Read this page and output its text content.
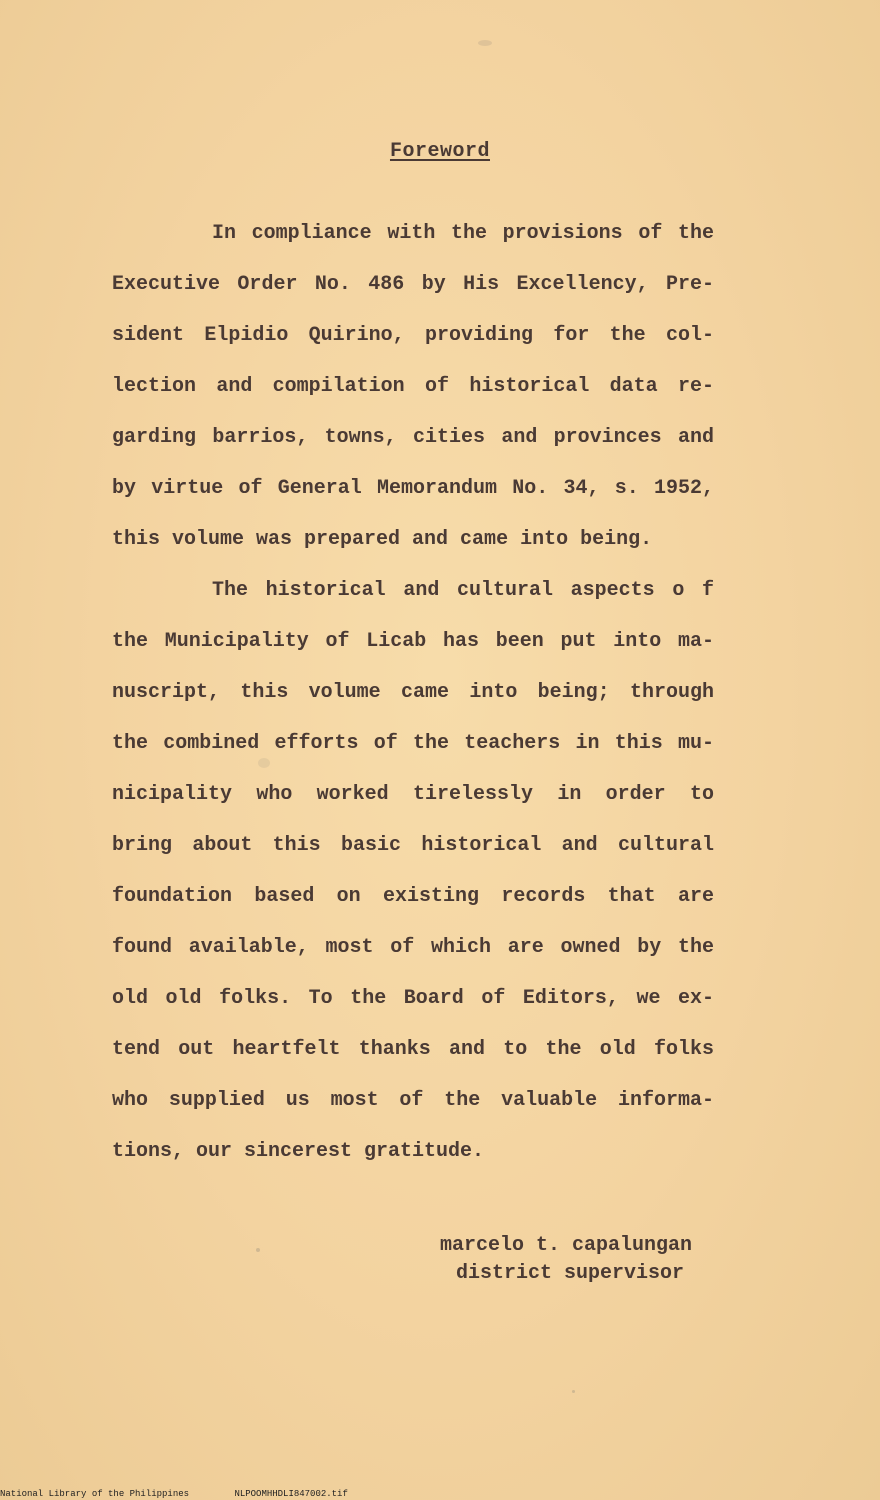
Foreword
In compliance with the provisions of the
Executive Order No. 486 by His Excellency, Pre-
sident Elpidio Quirino, providing for the col-
lection and compilation of historical data re-
garding barrios, towns, cities and provinces and
by virtue of General Memorandum No. 34, s. 1952,
this volume was prepared and came into being.
The historical and cultural aspects o f
the Municipality of Licab has been put into ma-
nuscript, this volume came into being; through
the combined efforts of the teachers in this mu-
nicipality who worked tirelessly in order to
bring about this basic historical and cultural
foundation based on existing records that are
found available, most of which are owned by the
old old folks. To the Board of Editors, we ex-
tend out heartfelt thanks and to the old folks
who supplied us most of the valuable informa-
tions, our sincerest gratitude.
marcelo t. capalungan
district supervisor
National Library of the Philippines	NLPOOMHHDLI847002.tif
